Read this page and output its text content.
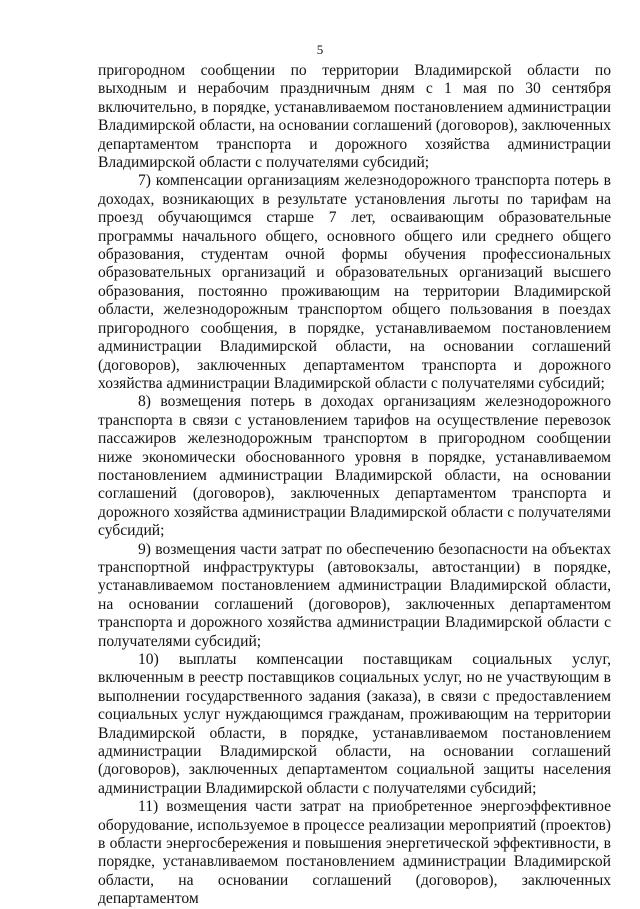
5

пригородном сообщении по территории Владимирской области по выходным и нерабочим праздничным дням с 1 мая по 30 сентября включительно, в порядке, устанавливаемом постановлением администрации Владимирской области, на основании соглашений (договоров), заключенных департаментом транспорта и дорожного хозяйства администрации Владимирской области с получателями субсидий;

7) компенсации организациям железнодорожного транспорта потерь в доходах, возникающих в результате установления льготы по тарифам на проезд обучающимся старше 7 лет, осваивающим образовательные программы начального общего, основного общего или среднего общего образования, студентам очной формы обучения профессиональных образовательных организаций и образовательных организаций высшего образования, постоянно проживающим на территории Владимирской области, железнодорожным транспортом общего пользования в поездах пригородного сообщения, в порядке, устанавливаемом постановлением администрации Владимирской области, на основании соглашений (договоров), заключенных департаментом транспорта и дорожного хозяйства администрации Владимирской области с получателями субсидий;

8) возмещения потерь в доходах организациям железнодорожного транспорта в связи с установлением тарифов на осуществление перевозок пассажиров железнодорожным транспортом в пригородном сообщении ниже экономически обоснованного уровня в порядке, устанавливаемом постановлением администрации Владимирской области, на основании соглашений (договоров), заключенных департаментом транспорта и дорожного хозяйства администрации Владимирской области с получателями субсидий;

9) возмещения части затрат по обеспечению безопасности на объектах транспортной инфраструктуры (автовокзалы, автостанции) в порядке, устанавливаемом постановлением администрации Владимирской области, на основании соглашений (договоров), заключенных департаментом транспорта и дорожного хозяйства администрации Владимирской области с получателями субсидий;

10) выплаты компенсации поставщикам социальных услуг, включенным в реестр поставщиков социальных услуг, но не участвующим в выполнении государственного задания (заказа), в связи с предоставлением социальных услуг нуждающимся гражданам, проживающим на территории Владимирской области, в порядке, устанавливаемом постановлением администрации Владимирской области, на основании соглашений (договоров), заключенных департаментом социальной защиты населения администрации Владимирской области с получателями субсидий;

11) возмещения части затрат на приобретенное энергоэффективное оборудование, используемое в процессе реализации мероприятий (проектов) в области энергосбережения и повышения энергетической эффективности, в порядке, устанавливаемом постановлением администрации Владимирской области, на основании соглашений (договоров), заключенных департаментом
